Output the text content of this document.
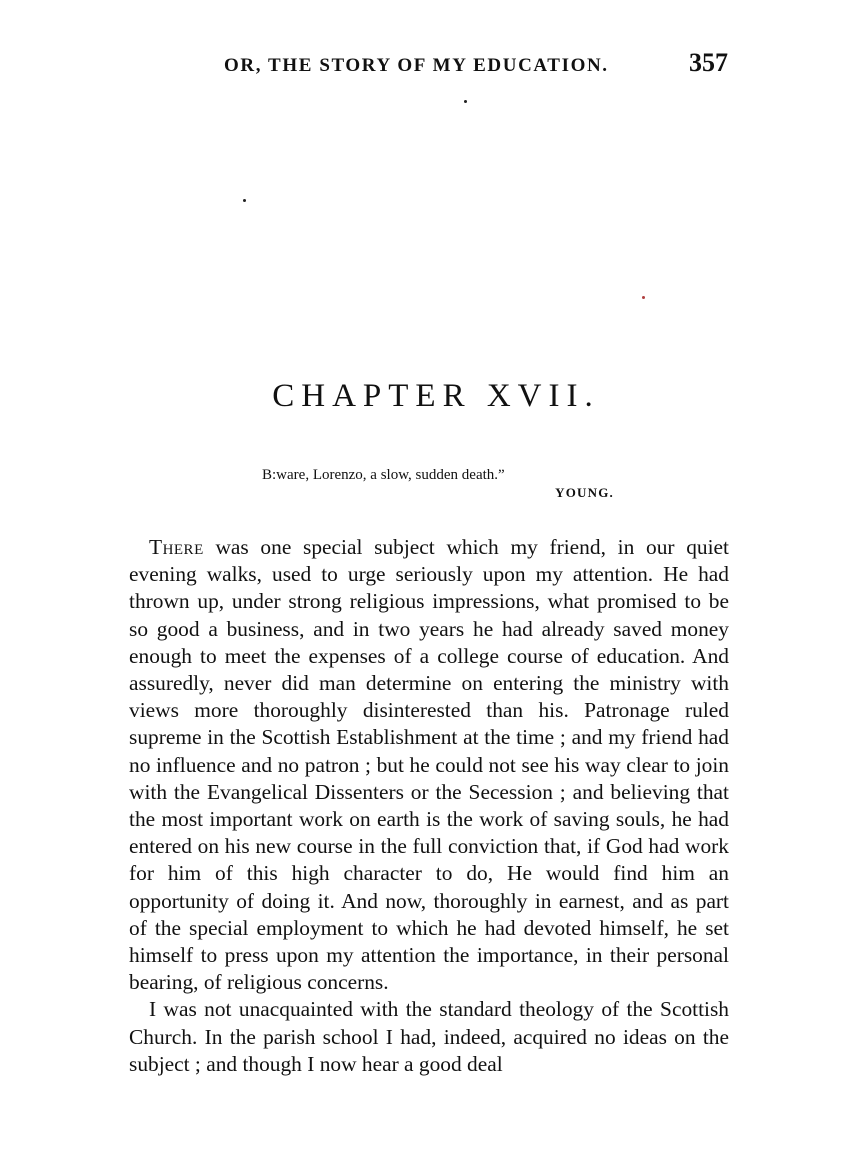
OR, THE STORY OF MY EDUCATION.	357
CHAPTER XVII.
B:ware, Lorenzo, a slow, sudden death.”
YOUNG.

There was one special subject which my friend, in our quiet evening walks, used to urge seriously upon my attention. He had thrown up, under strong religious impressions, what promised to be so good a business, and in two years he had already saved money enough to meet the expenses of a college course of education. And assuredly, never did man determine on entering the ministry with views more thoroughly disinterested than his. Patronage ruled supreme in the Scottish Establishment at the time ; and my friend had no influence and no patron ; but he could not see his way clear to join with the Evangelical Dissenters or the Secession ; and believing that the most important work on earth is the work of saving souls, he had entered on his new course in the full conviction that, if God had work for him of this high character to do, He would find him an opportunity of doing it. And now, thoroughly in earnest, and as part of the special employment to which he had devoted himself, he set himself to press upon my attention the importance, in their personal bearing, of religious concerns.

I was not unacquainted with the standard theology of the Scottish Church. In the parish school I had, indeed, acquired no ideas on the subject ; and though I now hear a good deal
